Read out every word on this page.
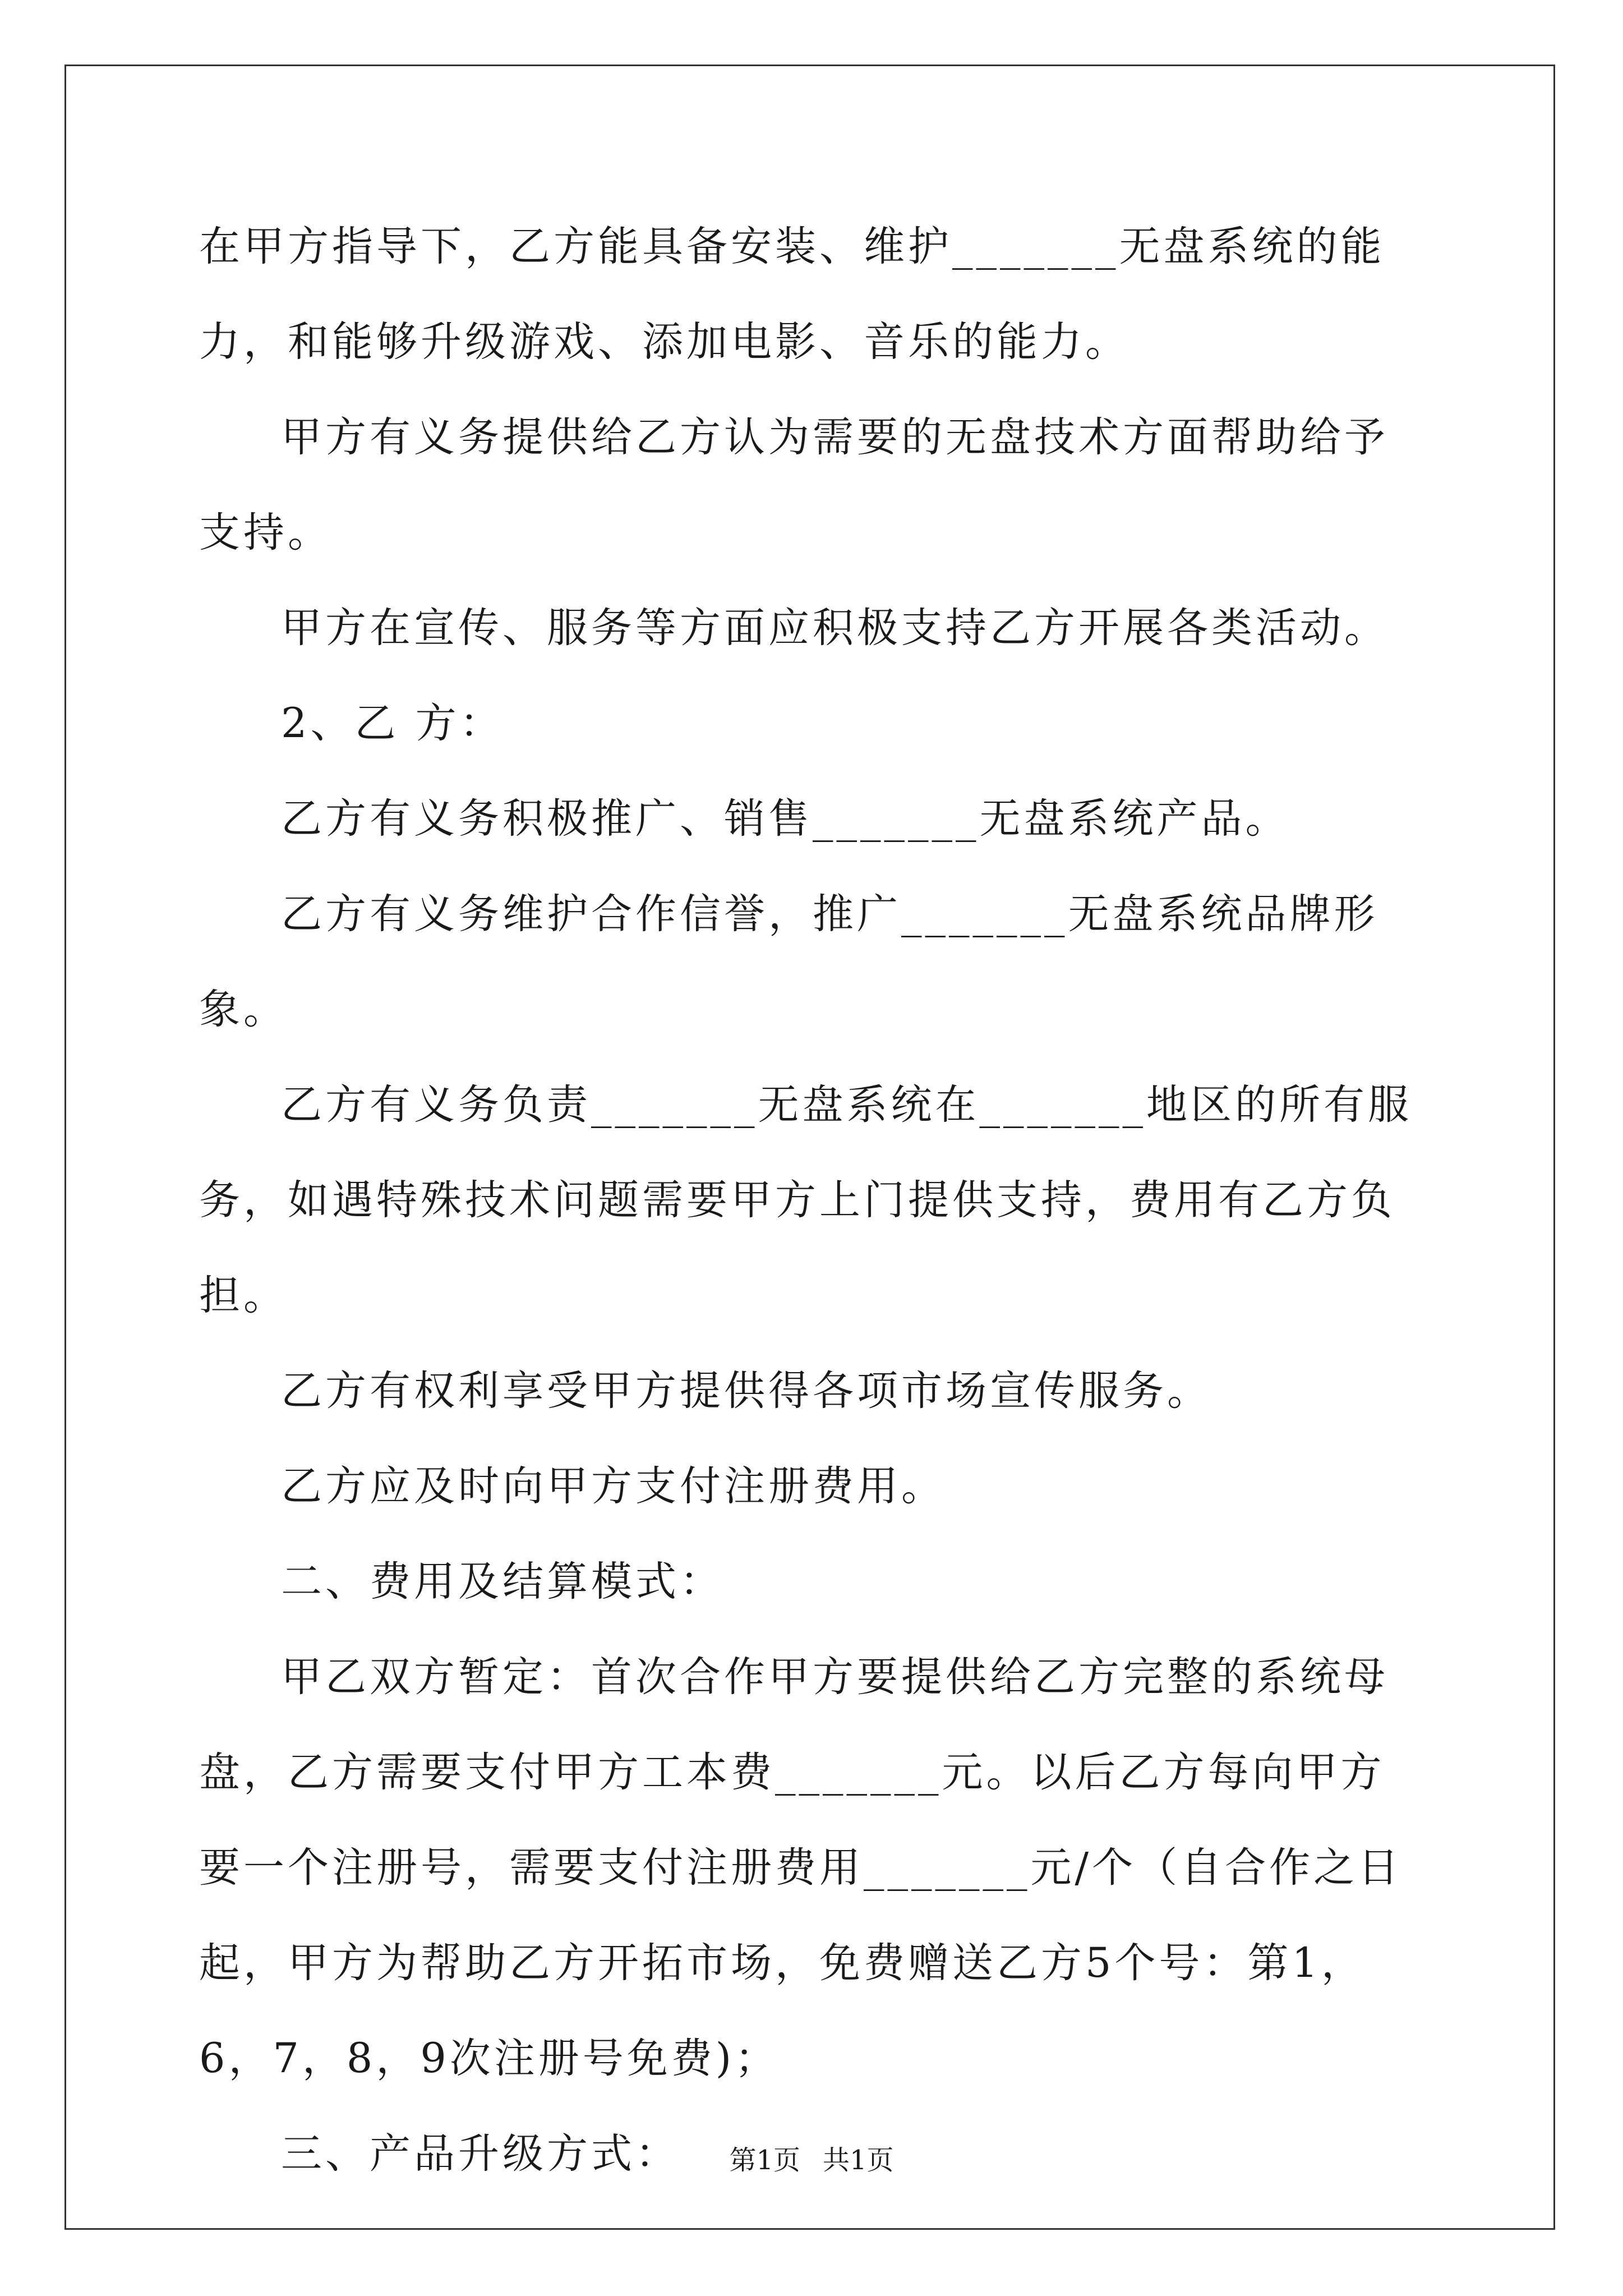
在甲方指导下，乙方能具备安装、维护_______无盘系统的能力，和能够升级游戏、添加电影、音乐的能力。

甲方有义务提供给乙方认为需要的无盘技术方面帮助给予支持。

甲方在宣传、服务等方面应积极支持乙方开展各类活动。

2、乙 方：

乙方有义务积极推广、销售_______无盘系统产品。

乙方有义务维护合作信誉，推广_______无盘系统品牌形象。

乙方有义务负责_______无盘系统在_______地区的所有服务，如遇特殊技术问题需要甲方上门提供支持，费用有乙方负担。

乙方有权利享受甲方提供得各项市场宣传服务。

乙方应及时向甲方支付注册费用。

二、费用及结算模式：

甲乙双方暂定：首次合作甲方要提供给乙方完整的系统母盘，乙方需要支付甲方工本费_______元。以后乙方每向甲方要一个注册号，需要支付注册费用_______元/个（自合作之日起，甲方为帮助乙方开拓市场，免费赠送乙方5个号：第1，6，7，8，9次注册号免费)；

三、产品升级方式：	第1页 共1页
